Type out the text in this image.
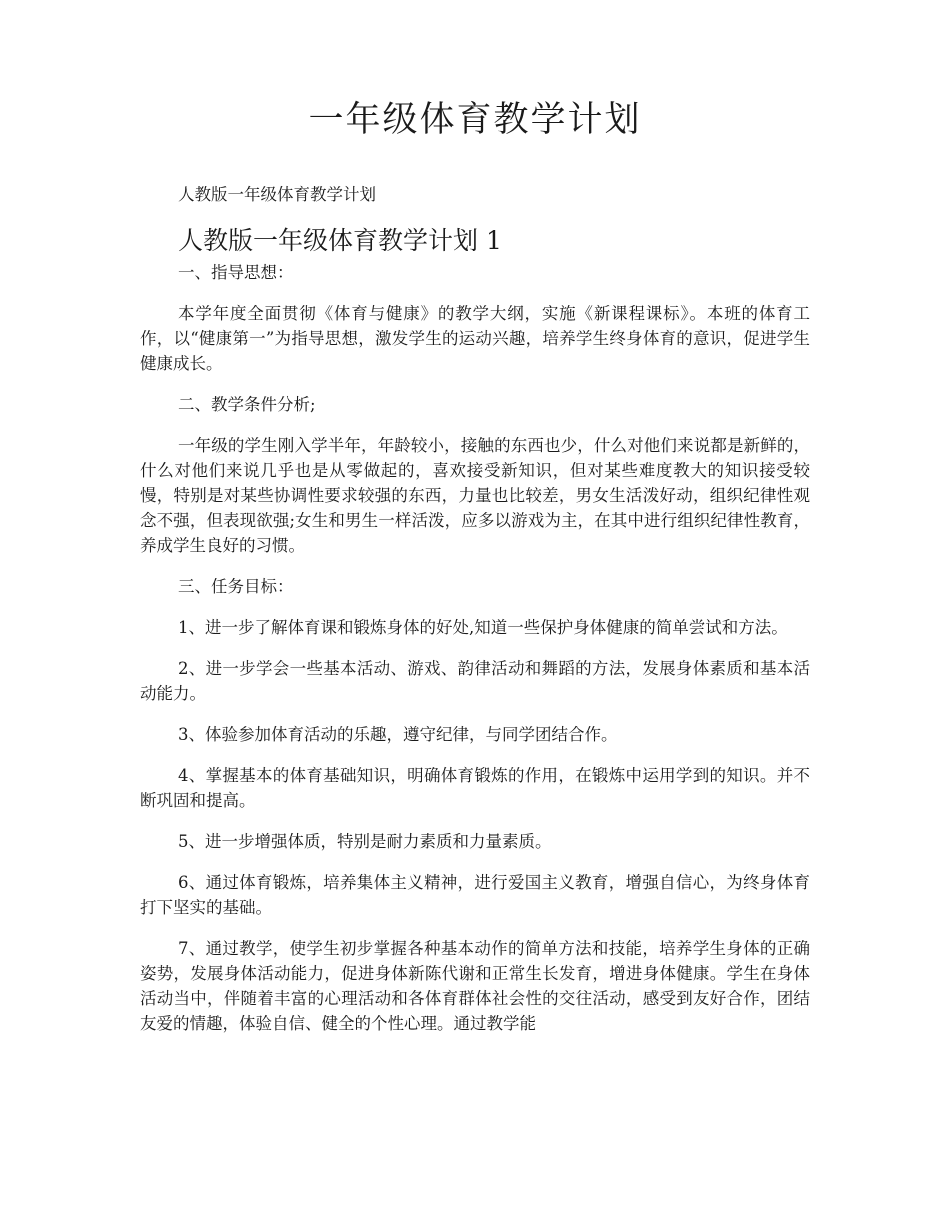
一年级体育教学计划

人教版一年级体育教学计划

人教版一年级体育教学计划 1

一、指导思想：

本学年度全面贯彻《体育与健康》的教学大纲，实施《新课程课标》。本班的体育工作，以“健康第一”为指导思想，激发学生的运动兴趣，培养学生终身体育的意识，促进学生健康成长。

二、教学条件分析;

一年级的学生刚入学半年，年龄较小，接触的东西也少，什么对他们来说都是新鲜的，什么对他们来说几乎也是从零做起的，喜欢接受新知识，但对某些难度教大的知识接受较慢，特别是对某些协调性要求较强的东西，力量也比较差，男女生活泼好动，组织纪律性观念不强，但表现欲强;女生和男生一样活泼，应多以游戏为主，在其中进行组织纪律性教育，养成学生良好的习惯。

三、任务目标：

1、进一步了解体育课和锻炼身体的好处,知道一些保护身体健康的简单尝试和方法。

2、进一步学会一些基本活动、游戏、韵律活动和舞蹈的方法，发展身体素质和基本活动能力。

3、体验参加体育活动的乐趣，遵守纪律，与同学团结合作。

4、掌握基本的体育基础知识，明确体育锻炼的作用，在锻炼中运用学到的知识。并不断巩固和提高。

5、进一步增强体质，特别是耐力素质和力量素质。

6、通过体育锻炼，培养集体主义精神，进行爱国主义教育，增强自信心，为终身体育打下坚实的基础。

7、通过教学，使学生初步掌握各种基本动作的简单方法和技能，培养学生身体的正确姿势，发展身体活动能力，促进身体新陈代谢和正常生长发育，增进身体健康。学生在身体活动当中，伴随着丰富的心理活动和各体育群体社会性的交往活动，感受到友好合作，团结友爱的情趣，体验自信、健全的个性心理。通过教学能
